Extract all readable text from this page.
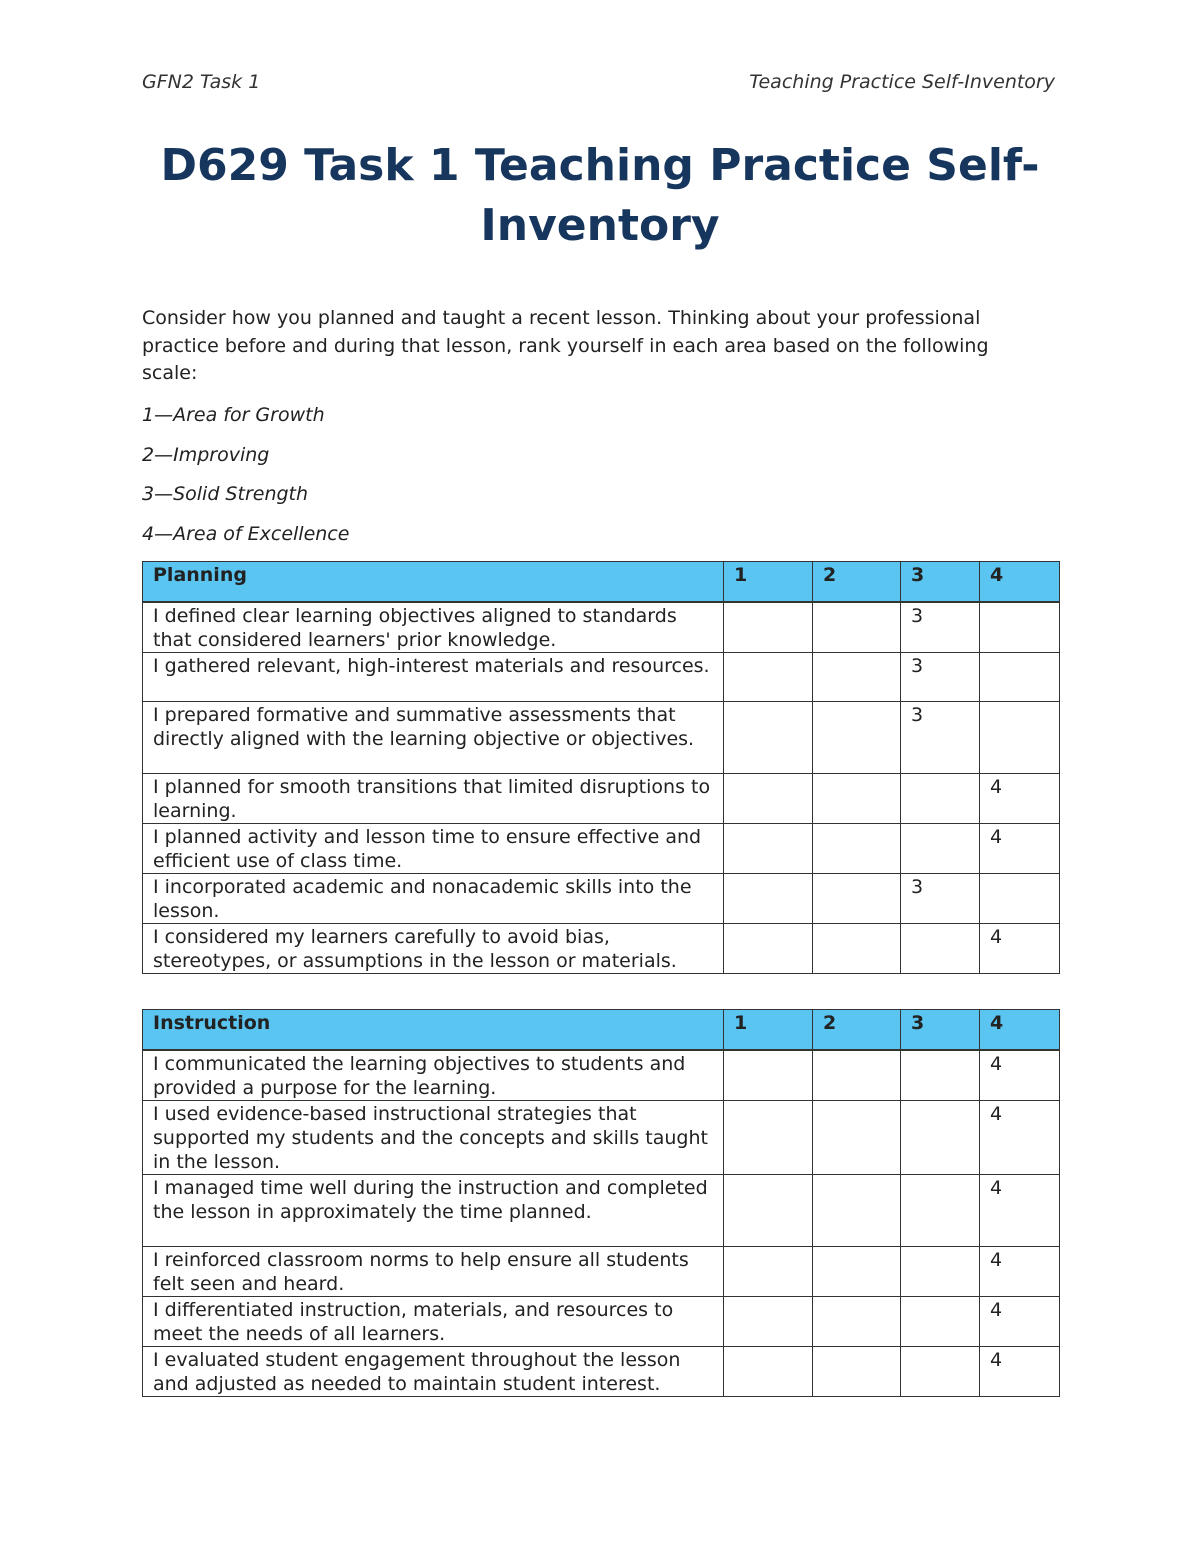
GFN2 Task 1	Teaching Practice Self-Inventory
D629 Task 1 Teaching Practice Self-
Inventory

Consider how you planned and taught a recent lesson. Thinking about your professional practice before and during that lesson, rank yourself in each area based on the following scale:

1—Area for Growth

2—Improving

3—Solid Strength

4—Area of Excellence

Planning	1	2	3	4
I defined clear learning objectives aligned to standards that considered learners' prior knowledge.			3	
I gathered relevant, high-interest materials and resources.			3	
I prepared formative and summative assessments that directly aligned with the learning objective or objectives.			3	
I planned for smooth transitions that limited disruptions to learning.				4
I planned activity and lesson time to ensure effective and efficient use of class time.				4
I incorporated academic and nonacademic skills into the lesson.			3	
I considered my learners carefully to avoid bias, stereotypes, or assumptions in the lesson or materials.				4
Instruction	1	2	3	4
I communicated the learning objectives to students and provided a purpose for the learning.				4
I used evidence-based instructional strategies that supported my students and the concepts and skills taught in the lesson.				4
I managed time well during the instruction and completed the lesson in approximately the time planned.				4
I reinforced classroom norms to help ensure all students felt seen and heard.				4
I differentiated instruction, materials, and resources to meet the needs of all learners.				4
I evaluated student engagement throughout the lesson and adjusted as needed to maintain student interest.				4
